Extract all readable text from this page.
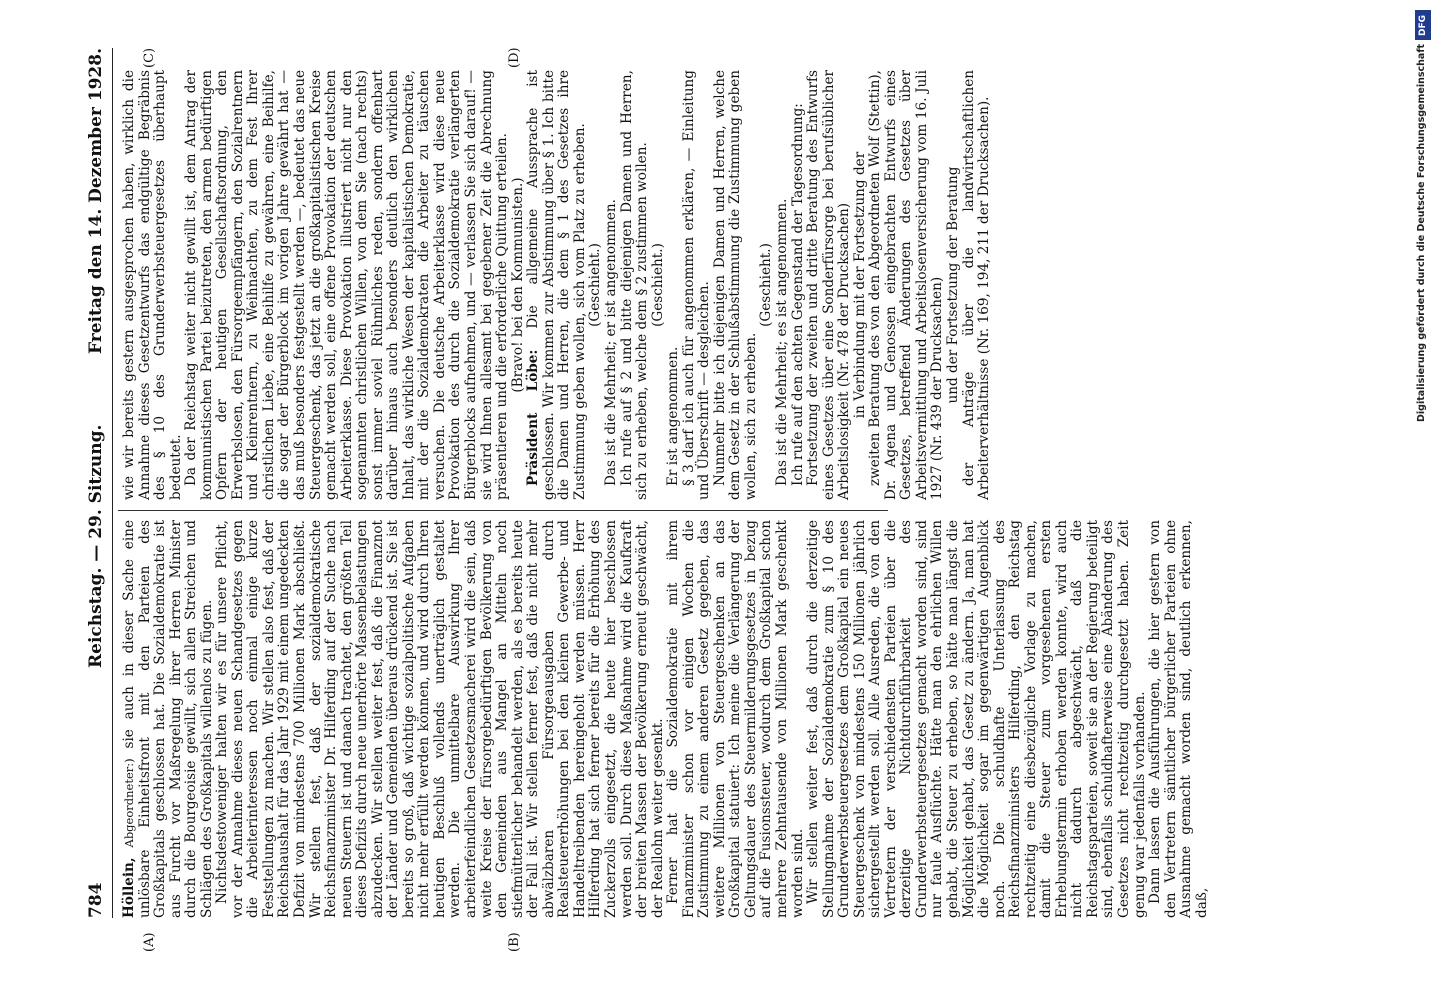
784
Reichstag. — 29. Sitzung.
Freitag den 14. Dezember 1928.
(A)	(B)

Höllein, Abgeordneter:) sie auch in dieser Sache eine unlösbare Einheitsfront mit den Parteien des Großkapitals geschlossen hat. Die Sozialdemokratie ist aus Furcht vor Maßregelung ihrer Herren Minister durch die Bourgeoisie gewillt, sich allen Streichen und Schlägen des Großkapitals willenlos zu fügen. Nichtsdestoweniger halten wir es für unsere Pflicht, vor der Annahme dieses neuen Schandgesetzes gegen die Arbeiterinteressen noch einmal einige kurze Feststellungen zu machen. Wir stellen also fest, daß der Reichshaushalt für das Jahr 1929 mit einem ungedeckten Defizit von mindestens 700 Millionen Mark abschließt. Wir stellen fest, daß der sozialdemokratische Reichsfinanzminister Dr. Hilferding auf der Suche nach neuen Steuern ist und danach trachtet, den größten Teil dieses Defizits durch neue unerhörte Massenbelastungen abzudecken. Wir stellen weiter fest, daß die Finanznot der Länder und Gemeinden überaus drückend ist. Sie ist bereits so groß, daß wichtige sozialpolitische Aufgaben nicht mehr erfüllt werden können, und wird durch Ihren heutigen Beschluß vollends unerträglich gestaltet werden. Die unmittelbare Auswirkung Ihrer arbeiterfeindlichen Gesetzesmacherei wird die sein, daß weite Kreise der fürsorgebedürftigen Bevölkerung von den Gemeinden aus Mangel an Mitteln noch stiefmütterlicher behandelt werden, als es bereits heute der Fall ist. Wir stellen ferner fest, daß die nicht mehr abwälzbaren Fürsorgeausgaben durch Realsteuererhöhungen bei den kleinen Gewerbe- und Handeltreibenden hereingeholt werden müssen. Herr Hilferding hat sich ferner bereits für die Erhöhung des Zuckerzolls eingesetzt, die heute hier beschlossen werden soll. Durch diese Maßnahme wird die Kaufkraft der breiten Massen der Bevölkerung erneut geschwächt, der Reallohn weiter gesenkt. Ferner hat die Sozialdemokratie mit ihrem Finanzminister schon vor einigen Wochen die Zustimmung zu einem anderen Gesetz gegeben, das weitere Millionen von Steuergeschenken an das Großkapital statuiert: Ich meine die Verlängerung der Geltungsdauer des Steuermilderungsgesetzes in bezug auf die Fusionssteuer, wodurch dem Großkapital schon mehrere Zehntausende von Millionen Mark geschenkt worden sind. Wir stellen weiter fest, daß durch die derzeitige Stellungnahme der Sozialdemokratie zum § 10 des Grunderwerbsteuergesetzes dem Großkapital ein neues Steuergeschenk von mindestens 150 Millionen jährlich sichergestellt werden soll. Alle Ausreden, die von den Vertretern der verschiedensten Parteien über die derzeitige Nichtdurchführbarkeit des Grunderwerbsteuergesetzes gemacht worden sind, sind nur faule Ausflüchte. Hätte man den ehrlichen Willen gehabt, die Steuer zu erheben, so hätte man längst die Möglichkeit gehabt, das Gesetz zu ändern. Ja, man hat die Möglichkeit sogar im gegenwärtigen Augenblick noch. Die schuldhafte Unterlassung des Reichsfinanzministers Hilferding, den Reichstag rechtzeitig eine diesbezügliche Vorlage zu machen, damit die Steuer zum vorgesehenen ersten Erhebungstermin erhoben werden konnte, wird auch nicht dadurch abgeschwächt, daß die Reichstagsparteien, soweit sie an der Regierung beteiligt sind, ebenfalls schuldhafterweise eine Abänderung des Gesetzes nicht rechtzeitig durchgesetzt haben. Zeit genug war jedenfalls vorhanden. Dann lassen die Ausführungen, die hier gestern von den Vertretern sämtlicher bürgerlicher Parteien ohne Ausnahme gemacht worden sind, deutlich erkennen, daß,

wie wir bereits gestern ausgesprochen haben, wirklich die Annahme dieses Gesetzentwurfs das endgültige Begräbnis des § 10 des Grunderwerbsteuergesetzes überhaupt bedeutet. Da der Reichstag weiter nicht gewillt ist, dem Antrag der kommunistischen Partei beizutreten, den armen bedürftigen Opfern der heutigen Gesellschaftsordnung, den Erwerbslosen, den Fürsorgeempfängern, den Sozialrentnern und Kleinrentnern, zu Weihnachten, zu dem Fest Ihrer christlichen Liebe, eine Beihilfe zu gewähren, eine Beihilfe, die sogar der Bürgerblock im vorigen Jahre gewährt hat — das muß besonders festgestellt werden —, bedeutet das neue Steuergeschenk, das jetzt an die großkapitalistischen Kreise gemacht werden soll, eine offene Provokation der deutschen Arbeiterklasse. Diese Provokation illustriert nicht nur den sogenannten christlichen Willen, von dem Sie (nach rechts) sonst immer soviel Rühmliches reden, sondern offenbart darüber hinaus auch besonders deutlich den wirklichen Inhalt, das wirkliche Wesen der kapitalistischen Demokratie, mit der die Sozialdemokraten die Arbeiter zu täuschen versuchen. Die deutsche Arbeiterklasse wird diese neue Provokation des durch die Sozialdemokratie verlängerten Bürgerblocks aufnehmen, und — verlassen Sie sich darauf! — sie wird Ihnen allesamt bei gegebener Zeit die Abrechnung präsentieren und die erforderliche Quittung erteilen. (Bravo! bei den Kommunisten.)

Präsident Löbe: Die allgemeine Aussprache ist geschlossen. Wir kommen zur Abstimmung über § 1. Ich bitte die Damen und Herren, die dem § 1 des Gesetzes ihre Zustimmung geben wollen, sich vom Platz zu erheben. (Geschieht.) Das ist die Mehrheit; er ist angenommen. Ich rufe auf § 2 und bitte diejenigen Damen und Herren, sich zu erheben, welche dem § 2 zustimmen wollen. (Geschieht.)

Er ist angenommen. § 3 darf ich auch für angenommen erklären, — Einleitung und Überschrift — desgleichen. Nunmehr bitte ich diejenigen Damen und Herren, welche dem Gesetz in der Schlußabstimmung die Zustimmung geben wollen, sich zu erheben.

(Geschieht.) Das ist die Mehrheit; es ist angenommen. Ich rufe auf den achten Gegenstand der Tagesordnung: Fortsetzung der zweiten und dritte Beratung des Entwurfs eines Gesetzes über eine Sonderfürsorge bei berufsüblicher Arbeitslosigkeit (Nr. 478 der Drucksachen) in Verbindung mit der Fortsetzung der zweiten Beratung des von den Abgeordneten Wolf (Stettin), Dr. Agena und Genossen eingebrachten Entwurfs eines Gesetzes, betreffend Änderungen des Gesetzes über Arbeitsvermittlung und Arbeitslosenversicherung vom 16. Juli 1927 (Nr. 439 der Drucksachen) und der Fortsetzung der Beratung der Anträge über die landwirtschaftlichen Arbeiterverhältnisse (Nr. 169, 194, 211 der Drucksachen).

(C)	(D)
DFG
Digitalisierung gefördert durch die Deutsche Forschungsgemeinschaft
